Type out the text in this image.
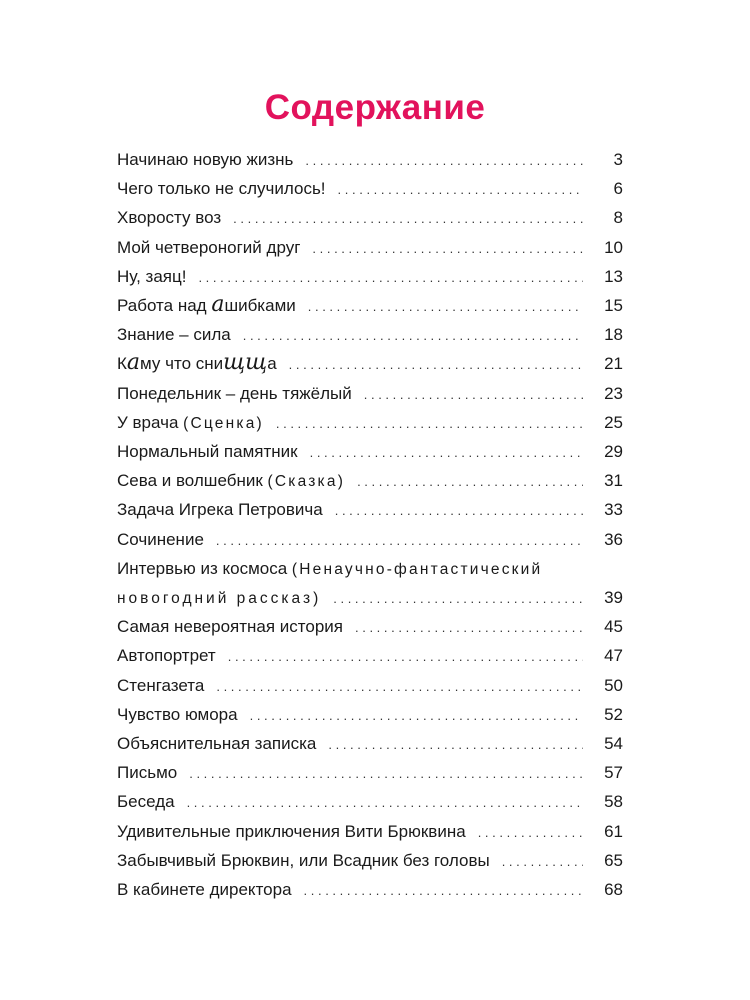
Содержание
Начинаю новую жизнь . . .	3
Чего только не случилось! . . .	6
Хворосту воз . . .	8
Мой четвероногий друг . . .	10
Ну, заяц! . . .	13
Работа над ашибками . . .	15
Знание – сила . . .	18
Каму что снищща . . .	21
Понедельник – день тяжёлый . . .	23
У врача (Сценка) . . .	25
Нормальный памятник . . .	29
Сева и волшебник (Сказка) . . .	31
Задача Игрека Петровича . . .	33
Сочинение . . .	36
Интервью из космоса (Ненаучно-фантастический
новогодний рассказ) . . .	39
Самая невероятная история . . .	45
Автопортрет . . .	47
Стенгазета . . .	50
Чувство юмора . . .	52
Объяснительная записка . . .	54
Письмо . . .	57
Беседа . . .	58
Удивительные приключения Вити Брюквина . . .	61
Забывчивый Брюквин, или Всадник без головы . . .	65
В кабинете директора . . .	68
